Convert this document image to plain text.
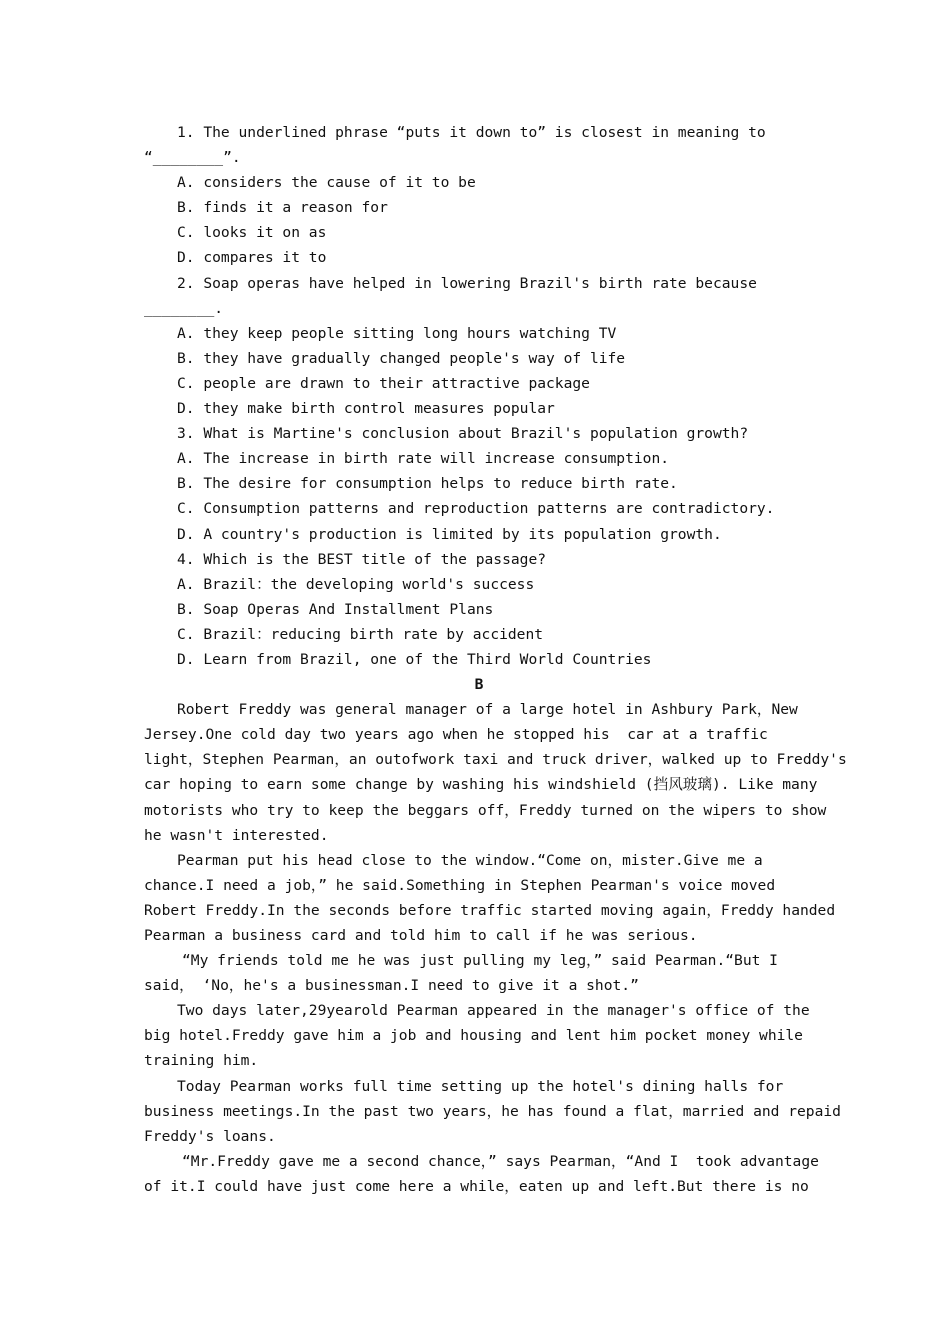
1. The underlined phrase “puts it down to” is closest in meaning to
“________”.
A. considers the cause of it to be
B. finds it a reason for
C. looks it on as
D. compares it to
2. Soap operas have helped in lowering Brazil's birth rate because
________.
A. they keep people sitting long hours watching TV
B. they have gradually changed people's way of life
C. people are drawn to their attractive package
D. they make birth control measures popular
3. What is Martine's conclusion about Brazil's population growth?
A. The increase in birth rate will increase consumption.
B. The desire for consumption helps to reduce birth rate.
C. Consumption patterns and reproduction patterns are contradictory.
D. A country's production is limited by its population growth.
4. Which is the BEST title of the passage?
A. Brazil：the developing world's success
B. Soap Operas And Installment Plans
C. Brazil：reducing birth rate by accident
D. Learn from Brazil, one of the Third World Countries
B
Robert Freddy was general manager of a large hotel in Ashbury Park，New
Jersey.One cold day two years ago when he stopped his  car at a traffic
light，Stephen Pearman，an outofwork taxi and truck driver，walked up to Freddy's
car hoping to earn some change by washing his windshield (挡风玻璃). Like many
motorists who try to keep the beggars off，Freddy turned on the wipers to show
he wasn't interested.
Pearman put his head close to the window.“Come on，mister.Give me a
chance.I need a job，” he said.Something in Stephen Pearman's voice moved
Robert Freddy.In the seconds before traffic started moving again，Freddy handed
Pearman a business card and told him to call if he was serious.
“My friends told me he was just pulling my leg，” said Pearman.“But I
said， ‘No，he's a businessman.I need to give it a shot.”
Two days later,29yearold Pearman appeared in the manager's office of the
big hotel.Freddy gave him a job and housing and lent him pocket money while
training him.
Today Pearman works full time setting up the hotel's dining halls for
business meetings.In the past two years，he has found a flat，married and repaid
Freddy's loans.
“Mr.Freddy gave me a second chance，” says Pearman，“And I  took advantage
of it.I could have just come here a while，eaten up and left.But there is no
